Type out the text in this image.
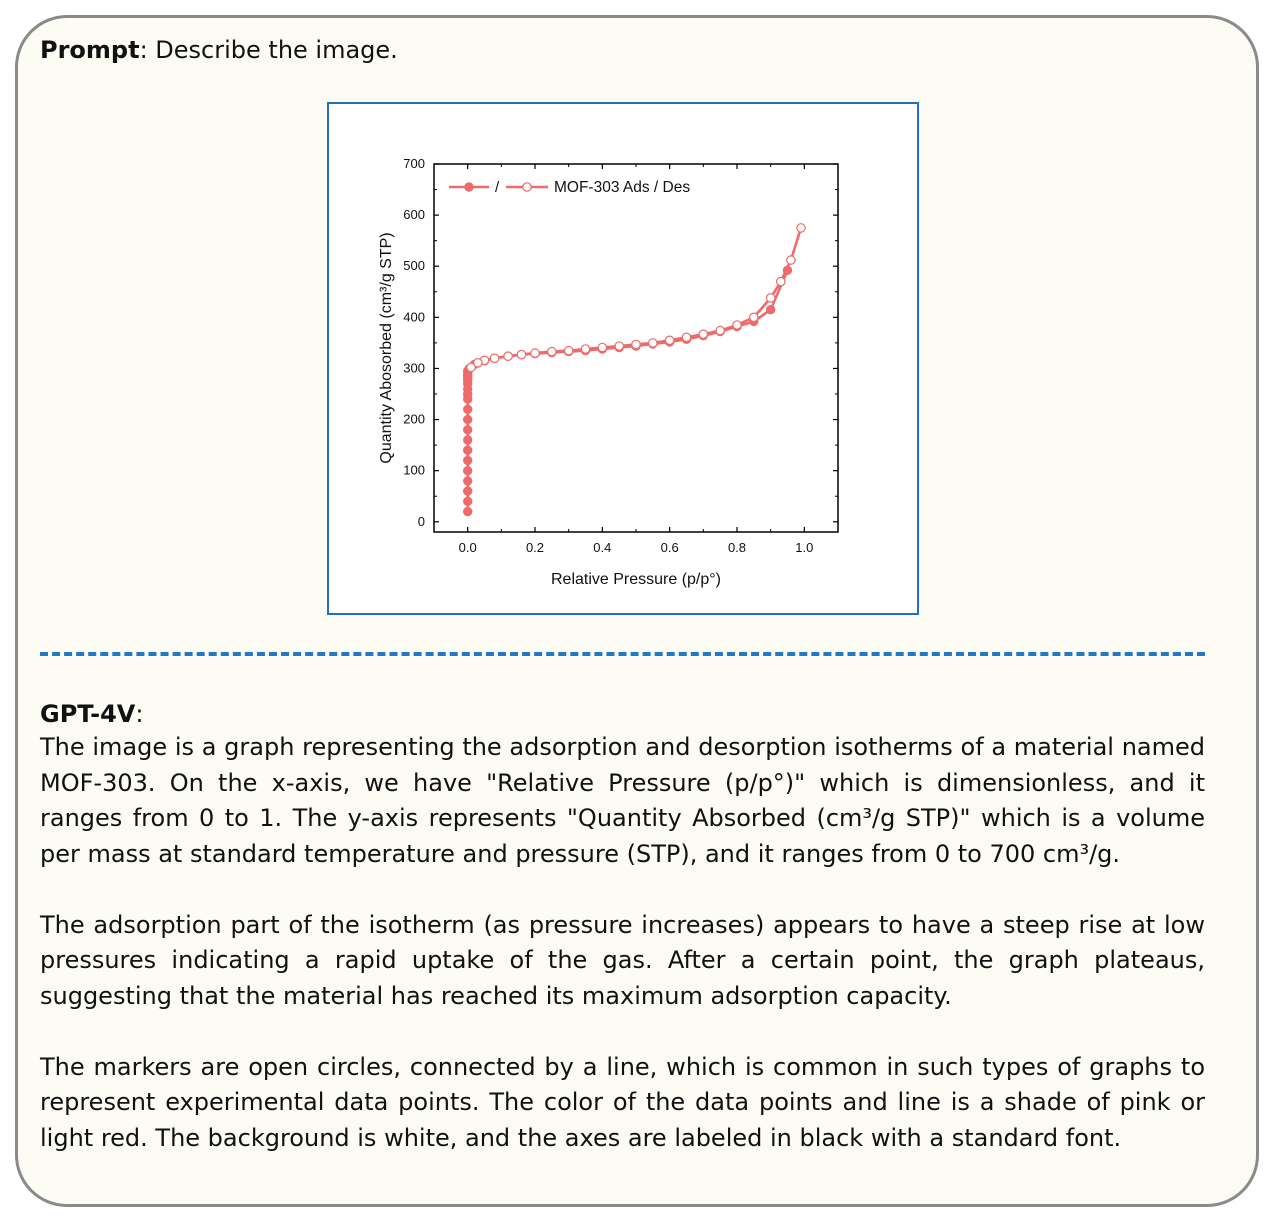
Prompt: Describe the image.
0.0	0.2	0.4	0.6	0.8	1.0
0
100
200
300
400
500
600
700
Relative Pressure (p/p°)
Quantity Abosorbed (cm³/g STP)
/	MOF-303 Ads / Des
GPT-4V:

The image is a graph representing the adsorption and desorption isotherms of a material named MOF-303. On the x-axis, we have "Relative Pressure (p/p°)" which is dimensionless, and it ranges from 0 to 1. The y-axis represents "Quantity Absorbed (cm³/g STP)" which is a volume per mass at standard temperature and pressure (STP), and it ranges from 0 to 700 cm³/g.

The adsorption part of the isotherm (as pressure increases) appears to have a steep rise at low pressures indicating a rapid uptake of the gas. After a certain point, the graph plateaus, suggesting that the material has reached its maximum adsorption capacity.

The markers are open circles, connected by a line, which is common in such types of graphs to represent experimental data points. The color of the data points and line is a shade of pink or light red. The background is white, and the axes are labeled in black with a standard font.
